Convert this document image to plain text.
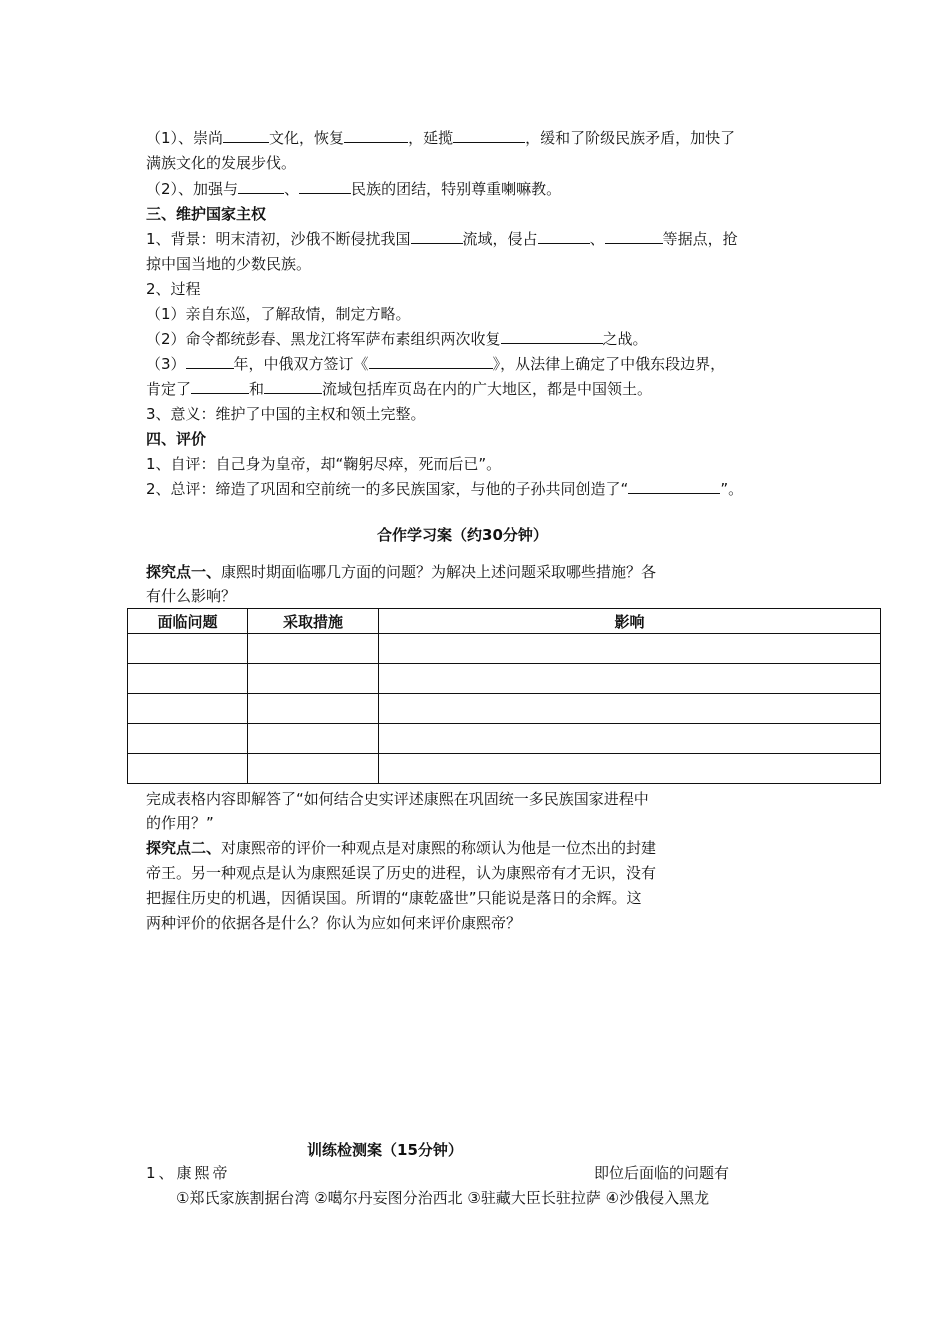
（1）、崇尚	文化，恢复	，延揽	，缓和了阶级民族矛盾，加快了
满族文化的发展步伐。
（2）、加强与	、	民族的团结，特别尊重喇嘛教。
三、维护国家主权
1、背景：明末清初，沙俄不断侵扰我国	流域，侵占	、	等据点，抢
掠中国当地的少数民族。
2、过程
（1）亲自东巡，了解敌情，制定方略。
（2）命令都统彭春、黑龙江将军萨布素组织两次收复	之战。
（3）	年，中俄双方签订《	》，从法律上确定了中俄东段边界，
肯定了	和	流域包括库页岛在内的广大地区，都是中国领土。
3、意义：维护了中国的主权和领土完整。
四、评价
1、自评：自己身为皇帝，却“鞠躬尽瘁，死而后已”。
2、总评：缔造了巩固和空前统一的多民族国家，与他的子孙共同创造了“	”。
合作学习案（约30分钟）
探究点一、康熙时期面临哪几方面的问题？为解决上述问题采取哪些措施？各
有什么影响？
面临问题	采取措施	影响

完成表格内容即解答了“如何结合史实评述康熙在巩固统一多民族国家进程中
的作用？”
探究点二、对康熙帝的评价一种观点是对康熙的称颂认为他是一位杰出的封建
帝王。另一种观点是认为康熙延误了历史的进程，认为康熙帝有才无识，没有
把握住历史的机遇，因循误国。所谓的“康乾盛世”只能说是落日的余辉。这
两种评价的依据各是什么？你认为应如何来评价康熙帝？
训练检测案（15分钟）
1、康熙帝	即位后面临的问题有
①郑氏家族割据台湾 ②噶尔丹妄图分治西北 ③驻藏大臣长驻拉萨 ④沙俄侵入黑龙
